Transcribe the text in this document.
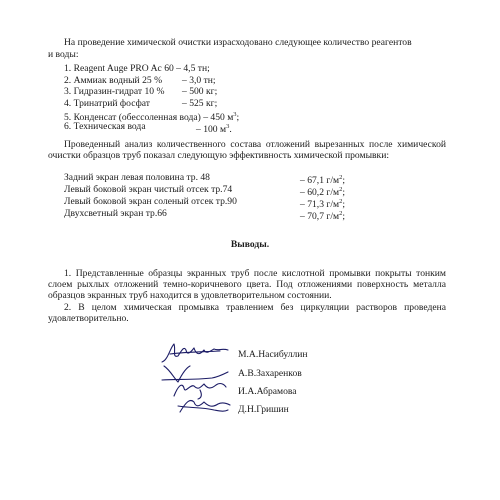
На проведение химической очистки израсходовано следующее количество реагентов
и воды:
1. Reagent Auge PRO Ac 60 – 4,5 тн;
2. Аммиак водный 25 % – 3,0 тн;
3. Гидразин-гидрат 10 % – 500 кг;
4. Тринатрий фосфат	– 525 кг;
5. Конденсат (обессоленная вода) – 450 $м^3$;
6. Техническая вода	– 100 $м^3$.
Проведенный анализ количественного состава отложений вырезанных после химической очистки образцов труб показал следующую эффективность химической промывки:
Задний экран левая половина тр. 48	– 67,1 $г/м^2$;
Левый боковой экран чистый отсек тр.74	– 60,2 $г/м^2$;
Левый боковой экран соленый отсек тр.90	– 71,3 $г/м^2$;
Двухсветный экран тр.66	– 70,7 $г/м^2$;
Выводы.
1. Представленные образцы экранных труб после кислотной промывки покрыты тонким слоем рыхлых отложений темно-коричневого цвета. Под отложениями поверхность металла образцов экранных труб находится в удовлетворительном состоянии.
2. В целом химическая промывка травлением без циркуляции растворов проведена удовлетворительно.
М.А.Насибуллин
А.В.Захаренков
И.А.Абрамова
Д.Н.Гришин
